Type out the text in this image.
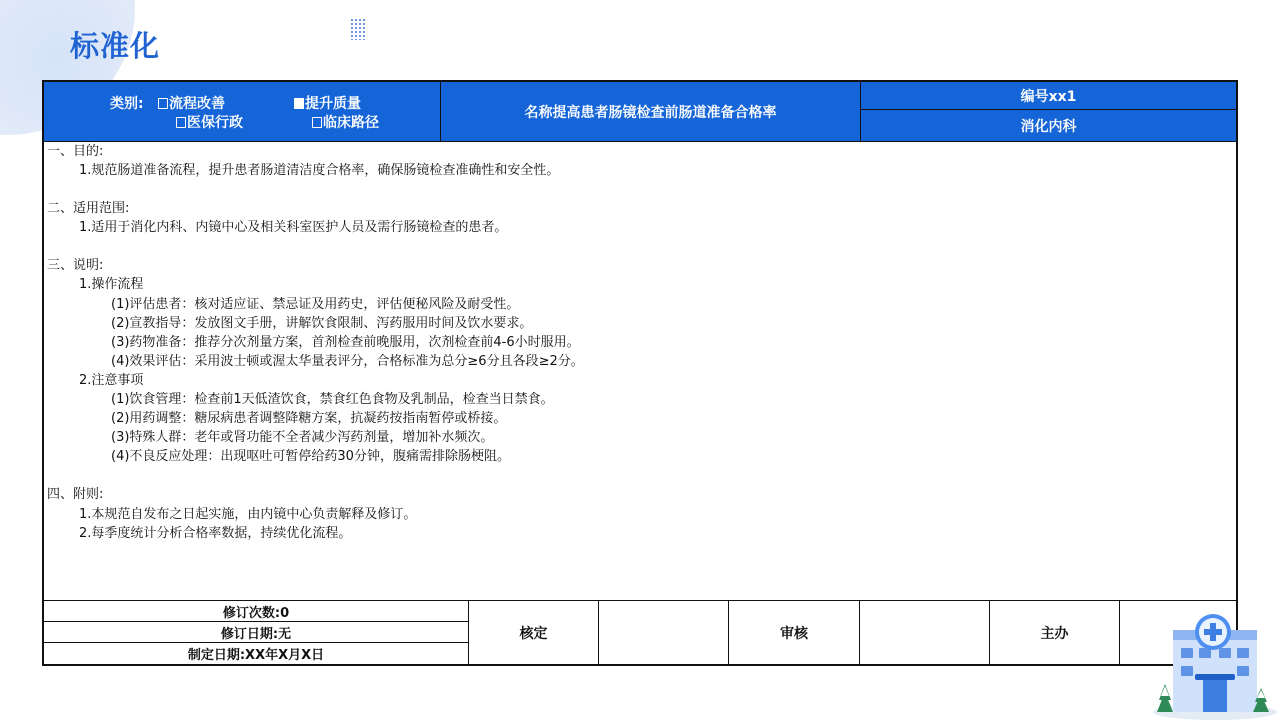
标准化
类别:	流程改善	提升质量
医保行政	临床路径
名称提高患者肠镜检查前肠道准备合格率
编号xx1
消化内科
一、目的:
1.规范肠道准备流程，提升患者肠道清洁度合格率，确保肠镜检查准确性和安全性。
二、适用范围:
1.适用于消化内科、内镜中心及相关科室医护人员及需行肠镜检查的患者。
三、说明:
1.操作流程
(1)评估患者：核对适应证、禁忌证及用药史，评估便秘风险及耐受性。
(2)宣教指导：发放图文手册，讲解饮食限制、泻药服用时间及饮水要求。
(3)药物准备：推荐分次剂量方案，首剂检查前晚服用，次剂检查前4-6小时服用。
(4)效果评估：采用波士顿或渥太华量表评分，合格标准为总分≥6分且各段≥2分。
2.注意事项
(1)饮食管理：检查前1天低渣饮食，禁食红色食物及乳制品，检查当日禁食。
(2)用药调整：糖尿病患者调整降糖方案，抗凝药按指南暂停或桥接。
(3)特殊人群：老年或肾功能不全者减少泻药剂量，增加补水频次。
(4)不良反应处理：出现呕吐可暂停给药30分钟，腹痛需排除肠梗阻。
四、附则:
1.本规范自发布之日起实施，由内镜中心负责解释及修订。
2.每季度统计分析合格率数据，持续优化流程。
修订次数:0
修订日期:无
制定日期:XX年X月X日
核定	审核	主办
